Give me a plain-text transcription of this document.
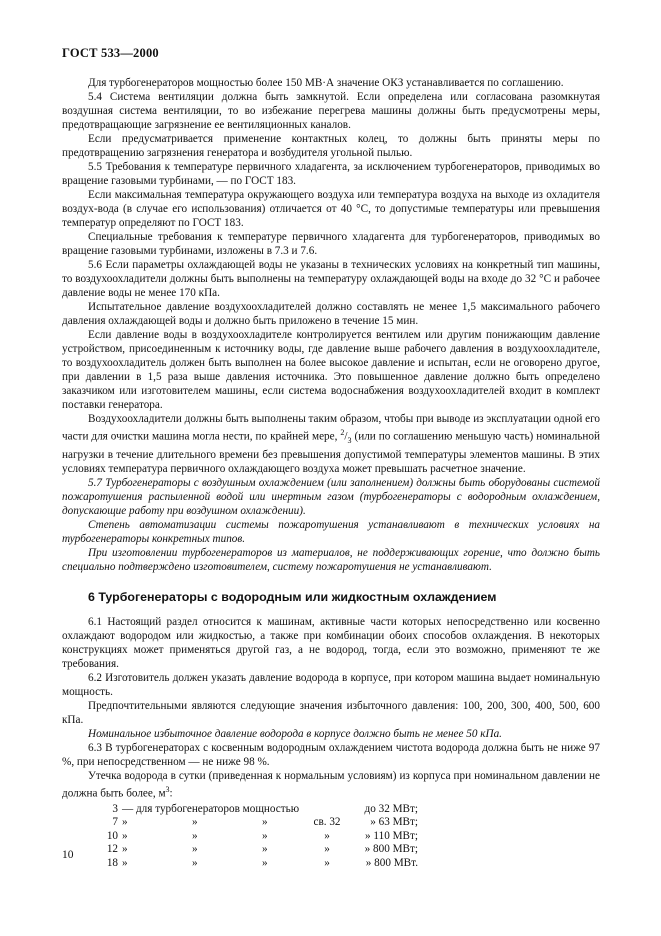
ГОСТ 533—2000

Для турбогенераторов мощностью более 150 МВ·А значение ОКЗ устанавливается по соглашению.

5.4 Система вентиляции должна быть замкнутой. Если определена или согласована разомкнутая воздушная система вентиляции, то во избежание перегрева машины должны быть предусмотрены меры, предотвращающие загрязнение ее вентиляционных каналов.

Если предусматривается применение контактных колец, то должны быть приняты меры по предотвращению загрязнения генератора и возбудителя угольной пылью.

5.5 Требования к температуре первичного хладагента, за исключением турбогенераторов, приводимых во вращение газовыми турбинами, — по ГОСТ 183.

Если максимальная температура окружающего воздуха или температура воздуха на выходе из охладителя воздух-вода (в случае его использования) отличается от 40 °С, то допустимые температуры или превышения температур определяют по ГОСТ 183.

Специальные требования к температуре первичного хладагента для турбогенераторов, приводимых во вращение газовыми турбинами, изложены в 7.3 и 7.6.

5.6 Если параметры охлаждающей воды не указаны в технических условиях на конкретный тип машины, то воздухоохладители должны быть выполнены на температуру охлаждающей воды на входе до 32 °С и рабочее давление воды не менее 170 кПа.

Испытательное давление воздухоохладителей должно составлять не менее 1,5 максимального рабочего давления охлаждающей воды и должно быть приложено в течение 15 мин.

Если давление воды в воздухоохладителе контролируется вентилем или другим понижающим давление устройством, присоединенным к источнику воды, где давление выше рабочего давления в воздухоохладителе, то воздухоохладитель должен быть выполнен на более высокое давление и испытан, если не оговорено другое, при давлении в 1,5 раза выше давления источника. Это повышенное давление должно быть определено заказчиком или изготовителем машины, если система водоснабжения воздухоохладителей входит в комплект поставки генератора.

Воздухоохладители должны быть выполнены таким образом, чтобы при выводе из эксплуатации одной его части для очистки машина могла нести, по крайней мере, $^2/_3$ (или по соглашению меньшую часть) номинальной нагрузки в течение длительного времени без превышения допустимой температуры элементов машины. В этих условиях температура первичного охлаждающего воздуха может превышать расчетное значение.

5.7 Турбогенераторы с воздушным охлаждением (или заполнением) должны быть оборудованы системой пожаротушения распыленной водой или инертным газом (турбогенераторы с водородным охлаждением, допускающие работу при воздушном охлаждении).

Степень автоматизации системы пожаротушения устанавливают в технических условиях на турбогенераторы конкретных типов.

При изготовлении турбогенераторов из материалов, не поддерживающих горение, что должно быть специально подтверждено изготовителем, систему пожаротушения не устанавливают.

6 Турбогенераторы с водородным или жидкостным охлаждением

6.1 Настоящий раздел относится к машинам, активные части которых непосредственно или косвенно охлаждают водородом или жидкостью, а также при комбинации обоих способов охлаждения. В некоторых конструкциях может применяться другой газ, а не водород, тогда, если это возможно, применяют те же требования.

6.2 Изготовитель должен указать давление водорода в корпусе, при котором машина выдает номинальную мощность.

Предпочтительными являются следующие значения избыточного давления: 100, 200, 300, 400, 500, 600 кПа.

Номинальное избыточное давление водорода в корпусе должно быть не менее 50 кПа.

6.3 В турбогенераторах с косвенным водородным охлаждением чистота водорода должна быть не ниже 97 %, при непосредственном — не ниже 98 %.

Утечка водорода в сутки (приведенная к нормальным условиям) из корпуса при номинальном давлении не должна быть более, $м^3$:

3	— для турбогенераторов мощностью				до 32 МВт;
7	»	»	»	св. 32	» 63 МВт;
10	»	»	»	»	» 110 МВт;
12	»	»	»	»	» 800 МВт;
18	»	»	»	»	» 800 МВт.
10
